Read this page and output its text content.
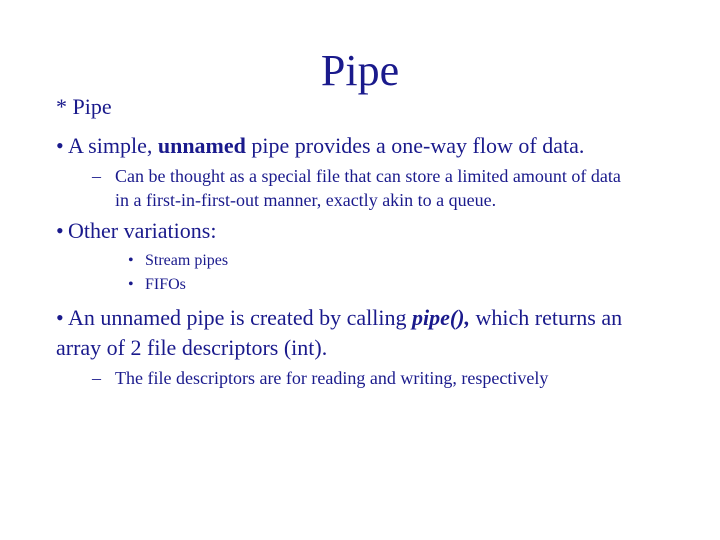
Pipe
* Pipe
• A simple, unnamed pipe provides a one-way flow of data.
– Can be thought as a special file that can store a limited amount of data
in a first-in-first-out manner, exactly akin to a queue.
• Other variations:
• Stream pipes
• FIFOs
• An unnamed pipe is created by calling pipe(), which returns an
array of 2 file descriptors (int).
– The file descriptors are for reading and writing, respectively
